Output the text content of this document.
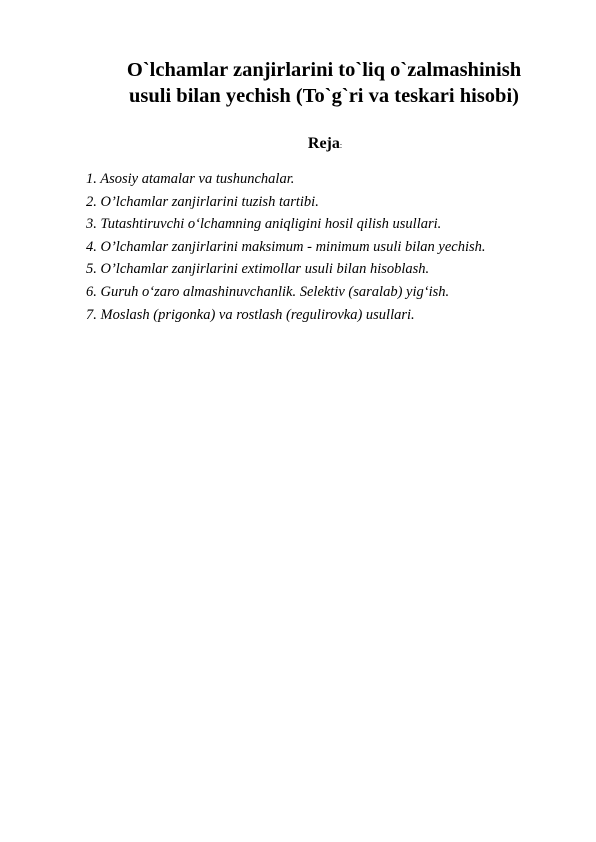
O`lchamlar zanjirlarini to`liq o`zalmashinish
usuli bilan yechish (To`g`ri va teskari hisobi)
Reja:
1. Asosiy atamalar va tushunchalar.
2. O’lchamlar zanjirlarini tuzish tartibi.
3. Tutashtiruvchi o‘lchamning aniqligini hosil qilish usullari.
4. O’lchamlar zanjirlarini maksimum - minimum usuli bilan yechish.
5. O’lchamlar zanjirlarini extimollar usuli bilan hisoblash.
6. Guruh o‘zaro almashinuvchanlik. Selektiv (saralab) yig‘ish.
7. Moslash (prigonka) va rostlash (regulirovka) usullari.
